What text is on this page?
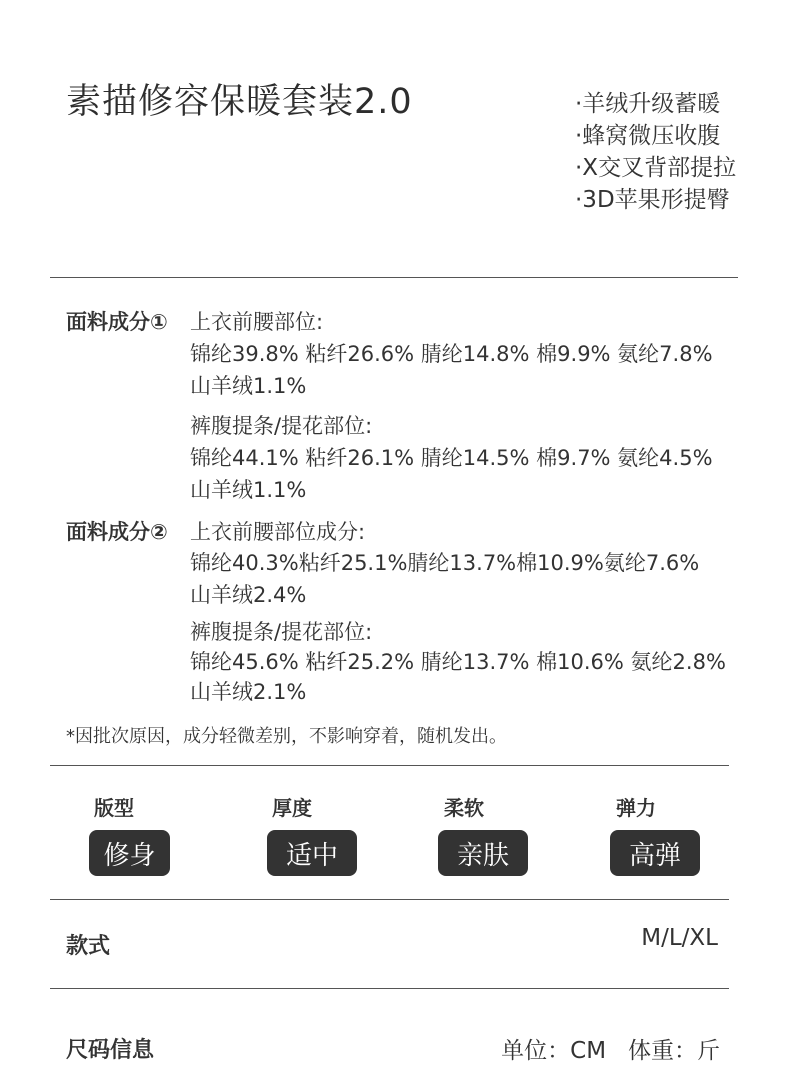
素描修容保暖套装2.0	·羊绒升级蓄暖
·蜂窝微压收腹
·X交叉背部提拉
·3D苹果形提臀
面料成分① 上衣前腰部位:
锦纶39.8% 粘纤26.6% 腈纶14.8% 棉9.9% 氨纶7.8%
山羊绒1.1%
裤腹提条/提花部位:
锦纶44.1% 粘纤26.1% 腈纶14.5% 棉9.7% 氨纶4.5%
山羊绒1.1%
面料成分② 上衣前腰部位成分:
锦纶40.3%粘纤25.1%腈纶13.7%棉10.9%氨纶7.6%
山羊绒2.4%
裤腹提条/提花部位:
锦纶45.6% 粘纤25.2% 腈纶13.7% 棉10.6% 氨纶2.8%
山羊绒2.1%
*因批次原因，成分轻微差别，不影响穿着，随机发出。
版型	厚度	柔软	弹力
修身	适中	亲肤	高弹
款式	M/L/XL
尺码信息	单位：CM   体重：斤
